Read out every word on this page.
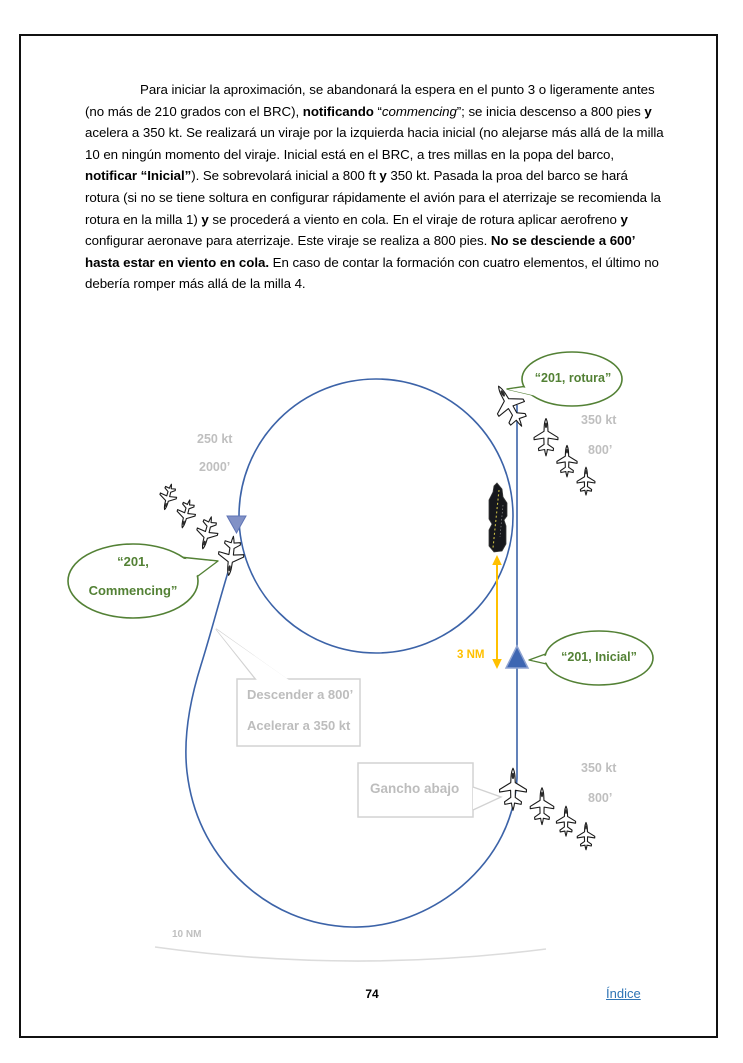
Para iniciar la aproximación, se abandonará la espera en el punto 3 o ligeramente antes (no más de 210 grados con el BRC), notificando “commencing”; se inicia descenso a 800 pies y acelera a 350 kt. Se realizará un viraje por la izquierda hacia inicial (no alejarse más allá de la milla 10 en ningún momento del viraje. Inicial está en el BRC, a tres millas en la popa del barco, notificar “Inicial”). Se sobrevolará inicial a 800 ft y 350 kt. Pasada la proa del barco se hará rotura (si no se tiene soltura en configurar rápidamente el avión para el aterrizaje se recomienda la rotura en la milla 1) y se procederá a viento en cola. En el viraje de rotura aplicar aerofreno y configurar aeronave para aterrizaje. Este viraje se realiza a 800 pies. No se desciende a 600’ hasta estar en viento en cola. En caso de contar la formación con cuatro elementos, el último no debería romper más allá de la milla 4.

250 kt
2000’
350 kt
800’
350 kt
800’
3 NM
10 NM
Descender a 800’
Acelerar a 350 kt
Gancho abajo
“201, rotura”
“201,
Commencing”
“201, Inicial”
74	Índice
